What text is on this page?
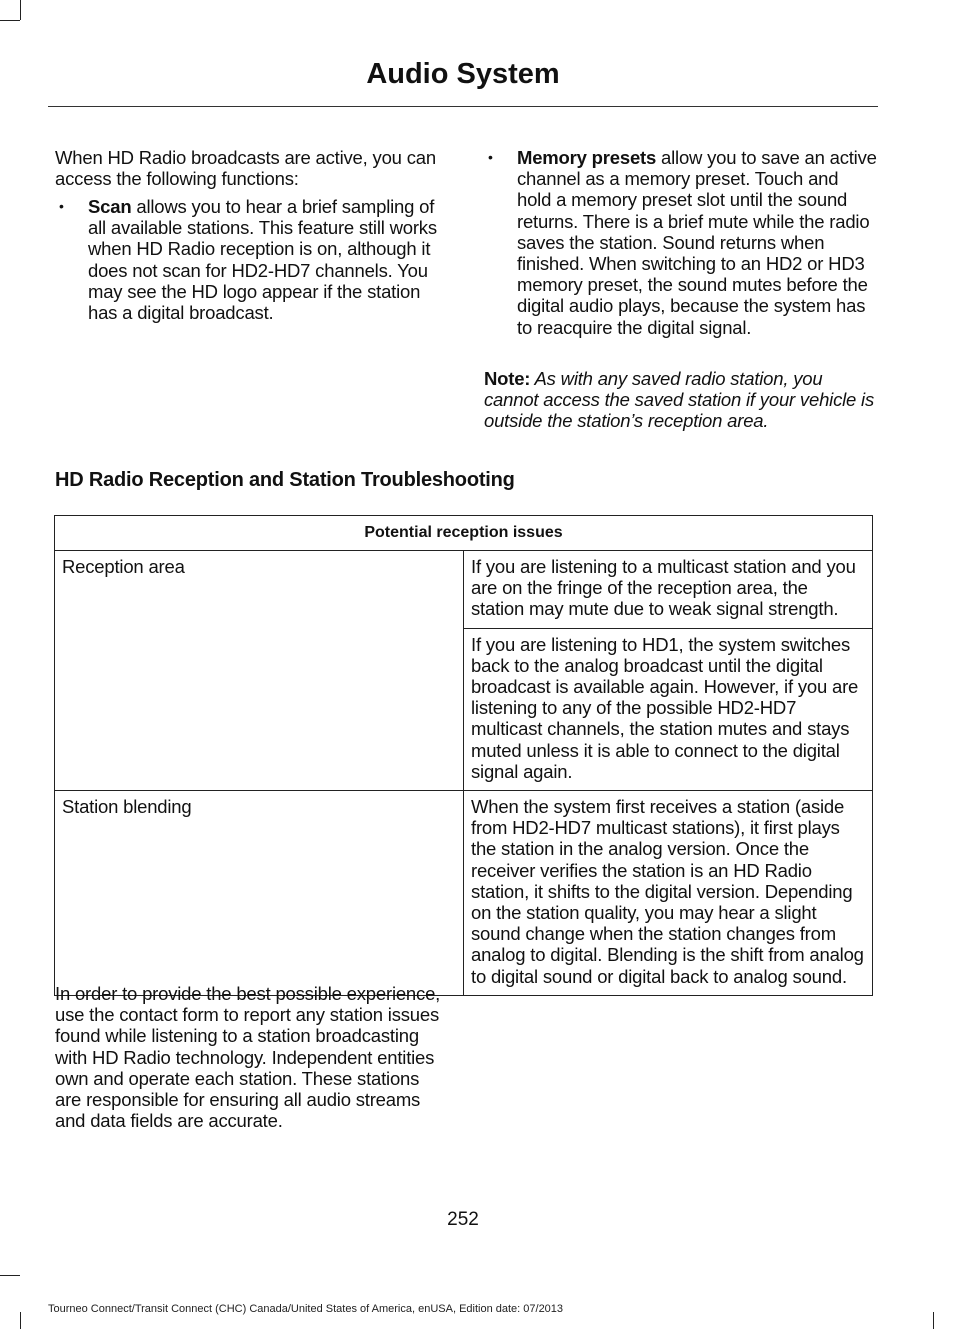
Audio System

When HD Radio broadcasts are active, you can access the following functions:

• Scan allows you to hear a brief sampling of all available stations. This feature still works when HD Radio reception is on, although it does not scan for HD2-HD7 channels. You may see the HD logo appear if the station has a digital broadcast.

• Memory presets allow you to save an active channel as a memory preset. Touch and hold a memory preset slot until the sound returns. There is a brief mute while the radio saves the station. Sound returns when finished. When switching to an HD2 or HD3 memory preset, the sound mutes before the digital audio plays, because the system has to reacquire the digital signal.

Note: As with any saved radio station, you cannot access the saved station if your vehicle is outside the station’s reception area.

HD Radio Reception and Station Troubleshooting
Potential reception issues	
Reception area	If you are listening to a multicast station and you are on the fringe of the reception area, the station may mute due to weak signal strength.
	If you are listening to HD1, the system switches back to the analog broadcast until the digital broadcast is available again. However, if you are listening to any of the possible HD2-HD7 multicast channels, the station mutes and stays muted unless it is able to connect to the digital signal again.
Station blending	When the system first receives a station (aside from HD2-HD7 multicast stations), it first plays the station in the analog version. Once the receiver verifies the station is an HD Radio station, it shifts to the digital version. Depending on the station quality, you may hear a slight sound change when the station changes from analog to digital. Blending is the shift from analog to digital sound or digital back to analog sound.

In order to provide the best possible experience, use the contact form to report any station issues found while listening to a station broadcasting with HD Radio technology. Independent entities own and operate each station. These stations are responsible for ensuring all audio streams and data fields are accurate.

252
Tourneo Connect/Transit Connect (CHC) Canada/United States of America, enUSA, Edition date: 07/2013
